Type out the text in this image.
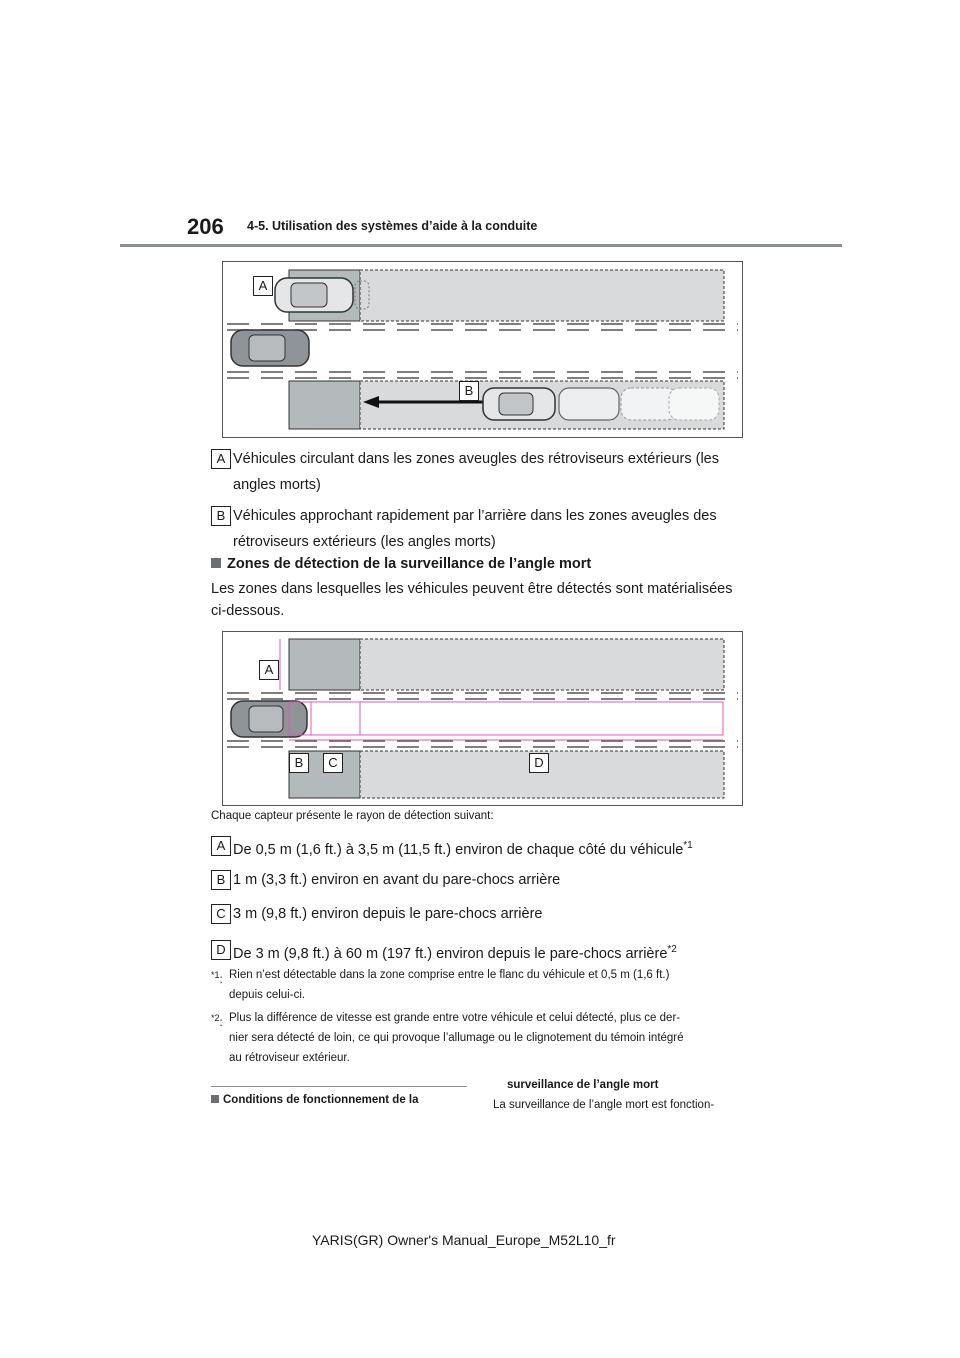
206 4-5. Utilisation des systèmes d’aide à la conduite
A
B
A Véhicules circulant dans les zones aveugles des rétroviseurs extérieurs (les
angles morts)
B Véhicules approchant rapidement par l’arrière dans les zones aveugles des
rétroviseurs extérieurs (les angles morts)
Zones de détection de la surveillance de l’angle mort
Les zones dans lesquelles les véhicules peuvent être détectés sont matérialisées
ci-dessous.
A
B	C	D
Chaque capteur présente le rayon de détection suivant:
A De 0,5 m (1,6 ft.) à 3,5 m (11,5 ft.) environ de chaque côté du véhicule$^{*1}$
B 1 m (3,3 ft.) environ en avant du pare-chocs arrière
C 3 m (9,8 ft.) environ depuis le pare-chocs arrière
D De 3 m (9,8 ft.) à 60 m (197 ft.) environ depuis le pare-chocs arrière$^{*2}$
$^{*1}$: Rien n’est détectable dans la zone comprise entre le flanc du véhicule et 0,5 m (1,6 ft.)
depuis celui-ci.
$^{*2}$: Plus la différence de vitesse est grande entre votre véhicule et celui détecté, plus ce der-
nier sera détecté de loin, ce qui provoque l’allumage ou le clignotement du témoin intégré
au rétroviseur extérieur.
Conditions de fonctionnement de la
surveillance de l’angle mort
La surveillance de l’angle mort est fonction-
YARIS(GR) Owner's Manual_Europe_M52L10_fr
